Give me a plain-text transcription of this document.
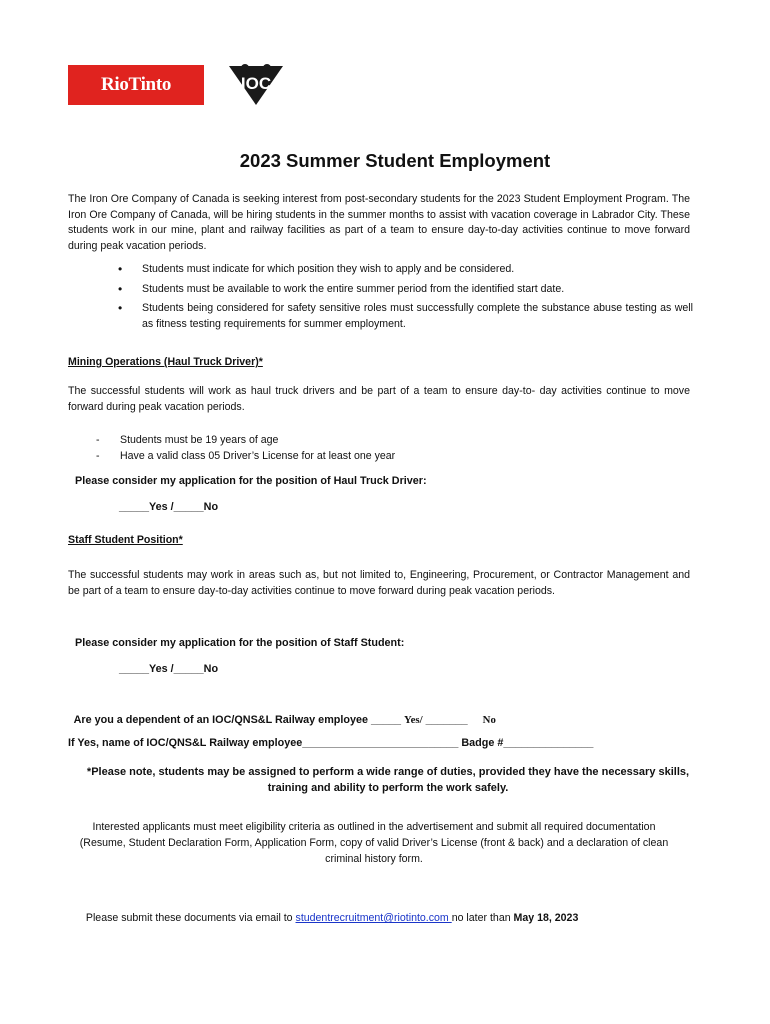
RioTinto	IOC
2023 Summer Student Employment
The Iron Ore Company of Canada is seeking interest from post-secondary students for the 2023 Student Employment Program. The Iron Ore Company of Canada, will be hiring students in the summer months to assist with vacation coverage in Labrador City. These students work in our mine, plant and railway facilities as part of a team to ensure day-to-day activities continue to move forward during peak vacation periods.
• Students must indicate for which position they wish to apply and be considered.
• Students must be available to work the entire summer period from the identified start date.
• Students being considered for safety sensitive roles must successfully complete the substance abuse testing as well as fitness testing requirements for summer employment.
Mining Operations (Haul Truck Driver)*
The successful students will work as haul truck drivers and be part of a team to ensure day-to- day activities continue to move forward during peak vacation periods.
- Students must be 19 years of age
- Have a valid class 05 Driver’s License for at least one year
Please consider my application for the position of Haul Truck Driver:
_____Yes /_____No
Staff Student Position*
The successful students may work in areas such as, but not limited to, Engineering, Procurement, or Contractor Management and be part of a team to ensure day-to-day activities continue to move forward during peak vacation periods.
Please consider my application for the position of Staff Student:
_____Yes /_____No

Are you a dependent of an IOC/QNS&L Railway employee _____ Yes/ _______     No

If Yes, name of IOC/QNS&L Railway employee__________________________ Badge #_______________
*Please note, students may be assigned to perform a wide range of duties, provided they have the necessary skills, training and ability to perform the work safely.
Interested applicants must meet eligibility criteria as outlined in the advertisement and submit all required documentation (Resume, Student Declaration Form, Application Form, copy of valid Driver’s License (front & back) and a declaration of clean criminal history form.

Please submit these documents via email to studentrecruitment@riotinto.com no later than May 18, 2023
